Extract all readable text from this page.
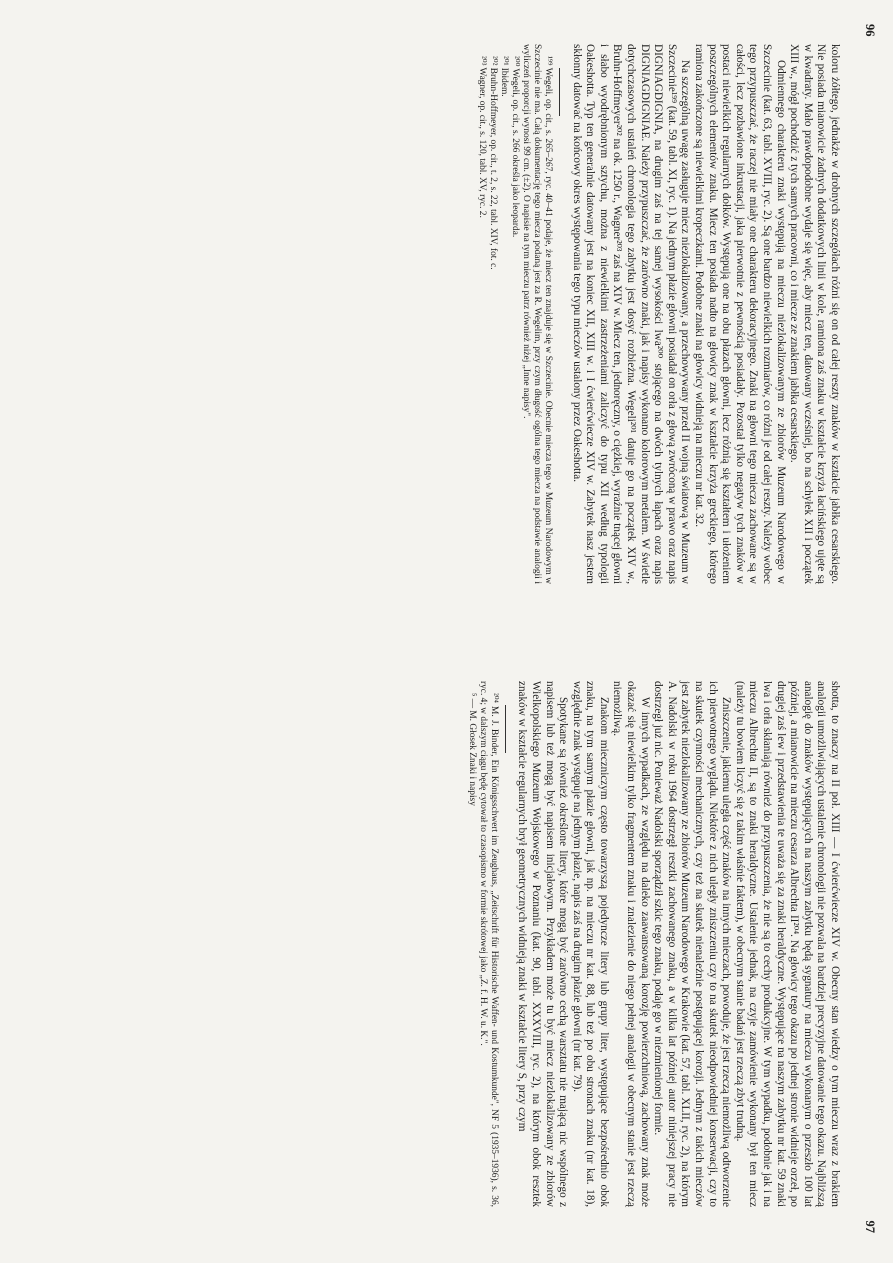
96

koloru żółtego, jednakże w drobnych szczegółach różni się on od całej reszty znaków w kształcie jabłka cesarskiego. Nie posiada mianowicie żadnych dodatkowych linii w kole, ramiona zaś znaku w kształcie krzyża łacińskiego ujęte są w kwadraty. Mało prawdopodobne wydaje się więc, aby miecz ten, datowany wcześniej, bo na schyłek XII i początek XIII w., mógł pochodzić z tych samych pracowni, co i miecze ze znakiem jabłka cesarskiego.

Odmiennego charakteru znaki występują na mieczu niezlokalizowanym ze zbiorów Muzeum Narodowego w Szczecinie (kat. 63, tabl. XVIII, ryc. 2). Są one bardzo niewielkich rozmiarów, co różni je od całej reszty. Należy wobec tego przypuszczać, że raczej nie miały one charakteru dekoracyjnego. Znaki na głowni tego miecza zachowane są w całości, lecz pozbawione inkrustacji, jaka pierwotnie z pewnością posiadały. Pozostał tylko negatyw tych znaków w postaci niewielkich regularnych dołków. Występują one na obu płazach głowni, lecz różnią się kształtem i ułożeniem poszczególnych elementów znaku. Miecz ten posiada nadto na głowicy znak w kształcie krzyża greckiego, którego ramiona zakończone są niewielkimi kropeczkami. Podobne znaki na głowicy widnieją na mieczu nr kat. 32.

Na szczególną uwagę zasługuje miecz niezlokalizowany, a przechowywany przed II wojną światową w Muzeum w Szczecinie¹⁹⁹ (kat. 59, tabl. XI, ryc. 1). Na jednym płazie głowni posiadał on orła z głową zwróconą w prawo oraz napis DIGNIAGDIGNIA, na drugim zaś na tej samej wysokości lwa²⁰⁰ stojącego na dwóch tylnych łapach oraz napis DIGNIAGDIGNIAE. Należy przypuszczać, że zarówno znaki, jak i napisy wykonano kolorowym metalem. W świetle dotychczasowych ustaleń chronologia tego zabytku jest dosyć rozbieżna. Wegeli²⁰¹ datuje go na początek XIV w., Bruhn-Hoffmeyer²⁰² na ok. 1250 r., Wagner²⁰³ zaś na XIV w. Miecz ten, jednoręczny, o ciężkiej, wyraźnie tnącej głowni i słabo wyodrębnionym sztychu, można z niewielkimi zastrzeżeniami zaliczyć do typu XII według typologii Oakeshotta. Typ ten generalnie datowany jest na koniec XII, XIII w. i I ćwierćwiecze XIV w. Zabytek nasz jestem skłonny datować na końcowy okres występowania tego typu mieczów ustalony przez Oakeshotta.

¹⁹⁹ Wegeli, op. cit., s. 265–267, ryc. 40–41 podaje, że miecz ten znajduje się w Szczecinie. Obecnie miecza tego w Muzeum Narodowym w Szczecinie nie ma. Całą dokumentację tego miecza podaną jest za R. Wegelim, przy czym długość ogólna tego miecza na podstawie analogii i wyliczeń proporcji wynosi 99 cm. (±2). O napisie na tym mieczu patrz również niżej „Inne napisy".

²⁰⁰ Wegeli, op. cit., s. 266 określa jako leoparda.

²⁰¹ Ibidem.

²⁰² Bruhn-Hoffmeyer, op. cit., t. 2, s. 22, tabl. XIV, fot. c.

²⁰³ Wagner, op. cit., s. 120, tabl. XV, ryc. 2.

97

shotta, to znaczy na II poł. XIII — I ćwierćwiecze XIV w. Obecny stan wiedzy o tym mieczu wraz z brakiem analogii umożliwiających ustalenie chronologii nie pozwala na bardziej precyzyjne datowanie tego okazu. Najbliższą analogię do znaków występujących na naszym zabytku będą sygnatury na mieczu wykonanym o przeszło 100 lat później, a mianowicie na mieczu cesarza Albrechta II²⁰⁴. Na głowicy tego okazu po jednej stronie widnieje orzeł, po drugiej zaś lew i przedstawienia te uważa się za znaki heraldyczne. Występujące na naszym zabytku nr kat. 59 znaki lwa i orła skłaniają również do przypuszczenia, że nie są to cechy produkcyjne. W tym wypadku, podobnie jak i na mieczu Albrechta II, są to znaki heraldyczne. Ustalenie jednak, na czyje zamówienie wykonany był ten miecz (należy tu bowiem liczyć się z takim właśnie faktem), w obecnym stanie badań jest rzeczą zbyt trudną.

Zniszczenie, jakiemu uległa część znaków na innych mieczach, powoduje, że jest rzeczą niemożliwą odtworzenie ich pierwotnego wyglądu. Niektóre z nich uległy zniszczeniu czy to na skutek nieodpowiedniej konserwacji, czy to na skutek czynności mechanicznych, czy też na skutek nienależnie postępującej korozji. Jednym z takich mieczów jest zabytek niezlokalizowany ze zbiorów Muzeum Narodowego w Krakowie (kat. 57, tabl. XLII, ryc. 2), na którym A. Nadolski w roku 1964 dostrzegł resztki zachowanego znaku, a w kilka lat później autor niniejszej pracy nie dostrzegł już nic. Ponieważ Nadolski sporządził szkic tego znaku, podaję go w niezmienionej formie.

W innych wypadkach, ze względu na daleko zaawansowaną korozję powierzchniową, zachowany znak może okazać się niewielkim tylko fragmentem znaku i znalezienie do niego pełnej analogii w obecnym stanie jest rzeczą niemożliwą.

Znakom mieczniczym często towarzyszą pojedyncze litery lub grupy liter, występujące bezpośrednio obok znaku, na tym samym płazie głowni, jak np. na mieczu nr kat. 88, lub też po obu stronach znaku (nr kat. 18), względnie znak występuje na jednym płazie, napis zaś na drugim płazie głowni (nr kat. 79).

Spotykane są również określone litery, które mogą być zarówno cechą warsztatu nie mającą nic wspólnego z napisem lub też mogą być napisem inicjałowym. Przykładem może tu być miecz niezlokalizowany ze zbiorów Wielkopolskiego Muzeum Wojskowego w Poznaniu (kat. 90, tabl. XXXVIII, ryc. 2), na którym obok resztek znaków w kształcie regularnych brył geometrycznych widnieją znaki w kształcie litery S, przy czym

²⁰⁴ M. J. Binder, Ein Königsschwert im Zeughaus, „Zeitschrift für Historische Waffen- und Kostumkunde", NF 5 (1935–1936), s. 36, ryc. 4; w dalszym ciągu będę cytował to czasopismo w formie skrótowej jako „Z. f. H. W. u. K.".

⁵ — M. Głosek Znaki i napisy
